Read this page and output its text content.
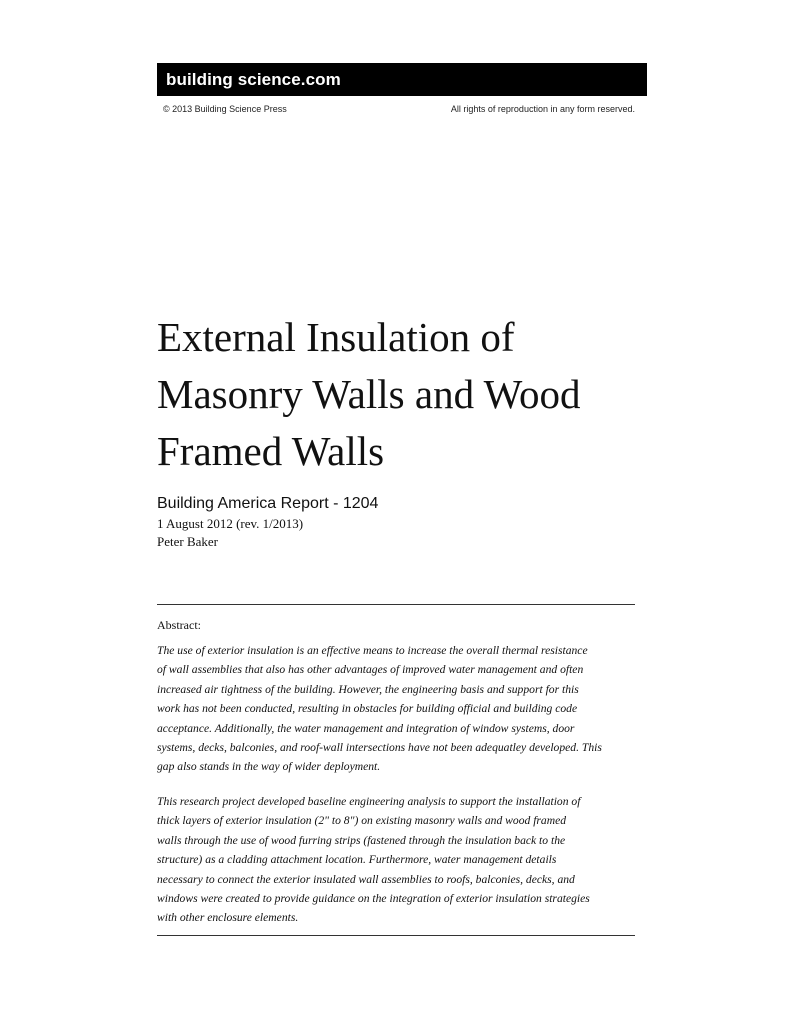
building science.com
© 2013 Building Science Press	All rights of reproduction in any form reserved.
External Insulation of
Masonry Walls and Wood
Framed Walls
Building America Report - 1204
1 August 2012 (rev. 1/2013)
Peter Baker
Abstract:

The use of exterior insulation is an effective means to increase the overall thermal resistance
of wall assemblies that also has other advantages of improved water management and often
increased air tightness of the building. However, the engineering basis and support for this
work has not been conducted, resulting in obstacles for building official and building code
acceptance. Additionally, the water management and integration of window systems, door
systems, decks, balconies, and roof-wall intersections have not been adequatley developed. This
gap also stands in the way of wider deployment.

This research project developed baseline engineering analysis to support the installation of
thick layers of exterior insulation (2" to 8") on existing masonry walls and wood framed
walls through the use of wood furring strips (fastened through the insulation back to the
structure) as a cladding attachment location. Furthermore, water management details
necessary to connect the exterior insulated wall assemblies to roofs, balconies, decks, and
windows were created to provide guidance on the integration of exterior insulation strategies
with other enclosure elements.
